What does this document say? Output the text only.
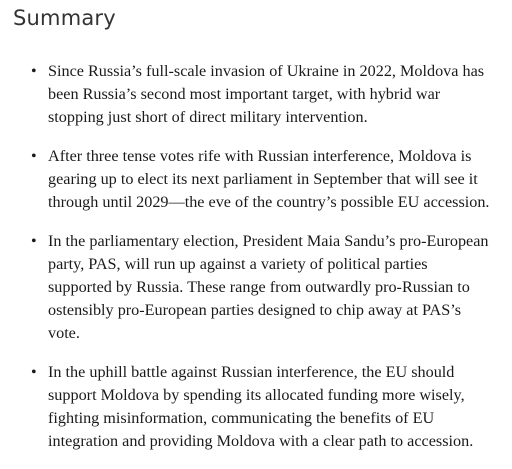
Summary
• Since Russia’s full-scale invasion of Ukraine in 2022, Moldova has been Russia’s second most important target, with hybrid war stopping just short of direct military intervention.
• After three tense votes rife with Russian interference, Moldova is gearing up to elect its next parliament in September that will see it through until 2029—the eve of the country’s possible EU accession.
• In the parliamentary election, President Maia Sandu’s pro-European party, PAS, will run up against a variety of political parties supported by Russia. These range from outwardly pro-Russian to ostensibly pro-European parties designed to chip away at PAS’s vote.
• In the uphill battle against Russian interference, the EU should support Moldova by spending its allocated funding more wisely, fighting misinformation, communicating the benefits of EU integration and providing Moldova with a clear path to accession.
